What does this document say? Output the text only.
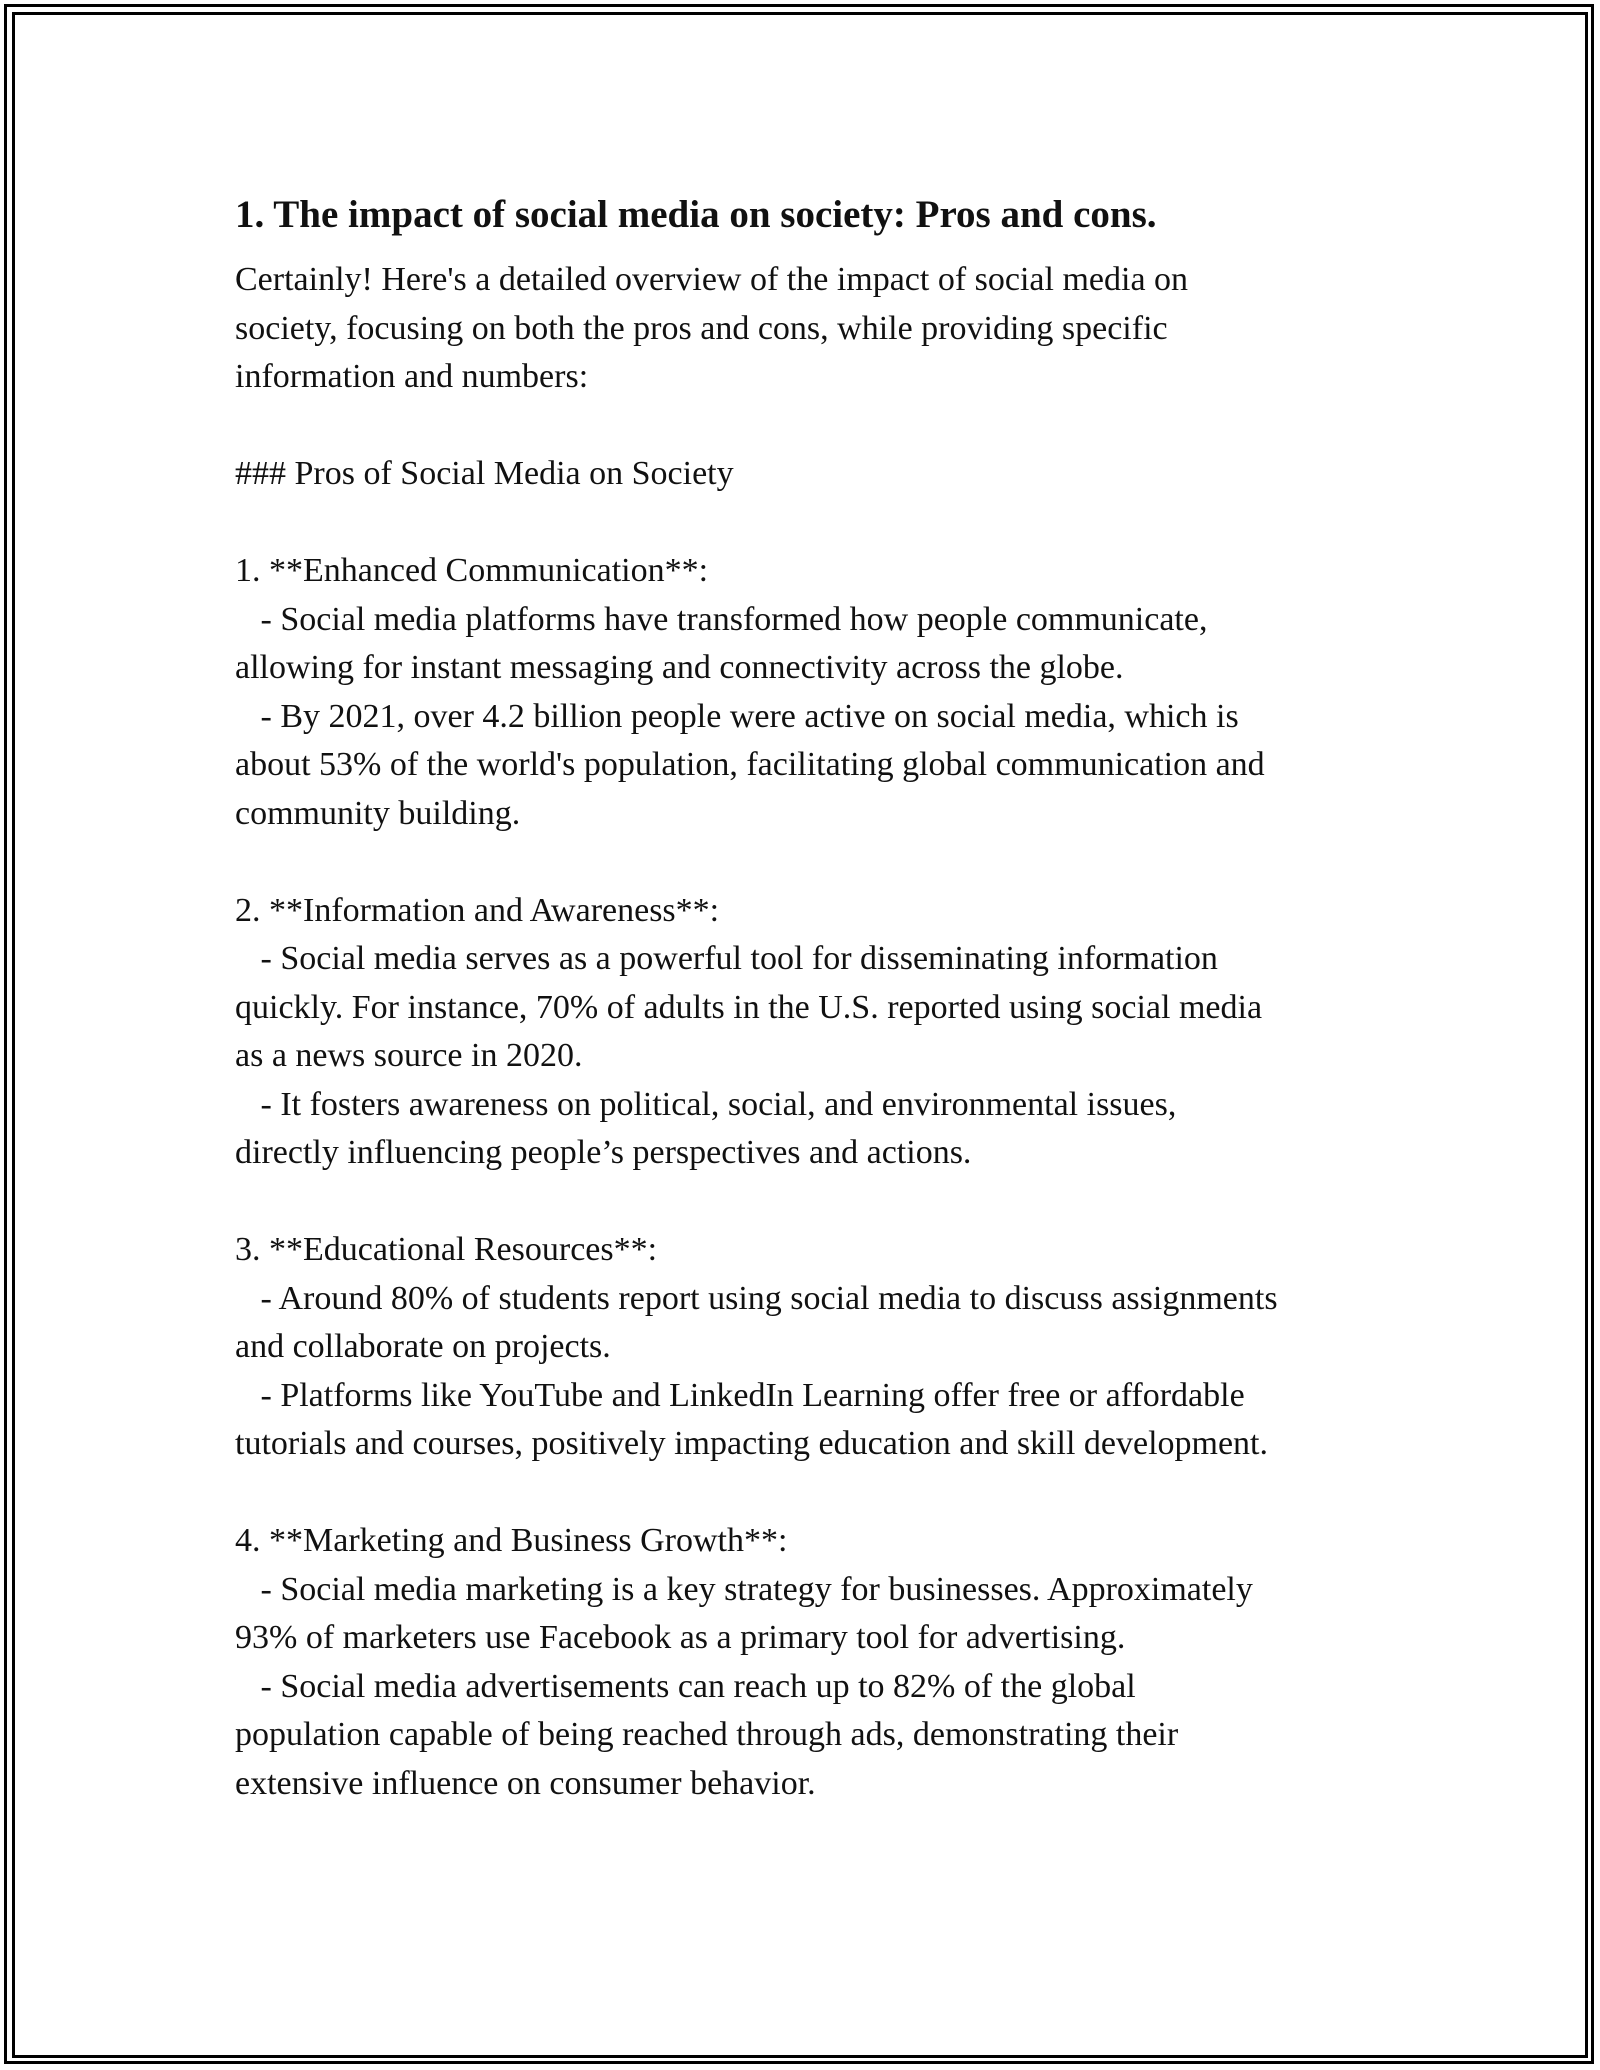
1. The impact of social media on society: Pros and cons.
Certainly! Here's a detailed overview of the impact of social media on
society, focusing on both the pros and cons, while providing specific
information and numbers:
### Pros of Social Media on Society
1. **Enhanced Communication**:
- Social media platforms have transformed how people communicate,
allowing for instant messaging and connectivity across the globe.
- By 2021, over 4.2 billion people were active on social media, which is
about 53% of the world's population, facilitating global communication and
community building.
2. **Information and Awareness**:
- Social media serves as a powerful tool for disseminating information
quickly. For instance, 70% of adults in the U.S. reported using social media
as a news source in 2020.
- It fosters awareness on political, social, and environmental issues,
directly influencing people’s perspectives and actions.
3. **Educational Resources**:
- Around 80% of students report using social media to discuss assignments
and collaborate on projects.
- Platforms like YouTube and LinkedIn Learning offer free or affordable
tutorials and courses, positively impacting education and skill development.
4. **Marketing and Business Growth**:
- Social media marketing is a key strategy for businesses. Approximately
93% of marketers use Facebook as a primary tool for advertising.
- Social media advertisements can reach up to 82% of the global
population capable of being reached through ads, demonstrating their
extensive influence on consumer behavior.
